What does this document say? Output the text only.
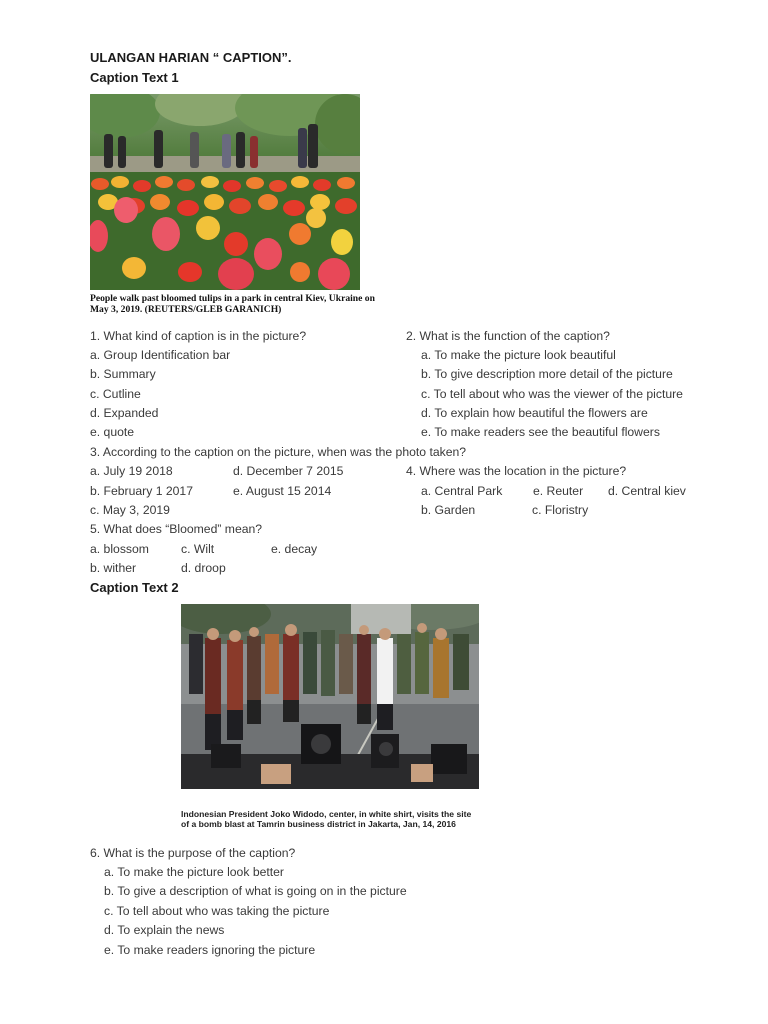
ULANGAN HARIAN “ CAPTION”.
Caption Text 1
People walk past bloomed tulips in a park in central Kiev, Ukraine on
May 3, 2019. (REUTERS/GLEB GARANICH)
1. What kind of caption is in the picture?
a. Group Identification bar
b. Summary
c. Cutline
d. Expanded
e. quote
2. What is the function of the caption?
a. To make the picture look beautiful
b. To give description more detail of the picture
c. To tell about who was the viewer of the picture
d. To explain how beautiful the flowers are
e. To make readers see the beautiful flowers
3. According to the caption on the picture, when was the photo taken?
a. July 19 2018
b. February 1 2017
c. May 3, 2019
d. December 7 2015
e. August 15 2014
4. Where was the location in the picture?
a. Central Park
b. Garden	c. Floristry
d. Central kiev
e. Reuter
5. What does “Bloomed” mean?
a. blossom
b. wither
c. Wilt
d. droop
e. decay
Caption Text 2
Indonesian President Joko Widodo, center, in white shirt, visits the site
of a bomb blast at Tamrin business district in Jakarta, Jan, 14, 2016
6. What is the purpose of the caption?
a. To make the picture look better
b. To give a description of what is going on in the picture
c. To tell about who was taking the picture
d. To explain the news
e. To make readers ignoring the picture
